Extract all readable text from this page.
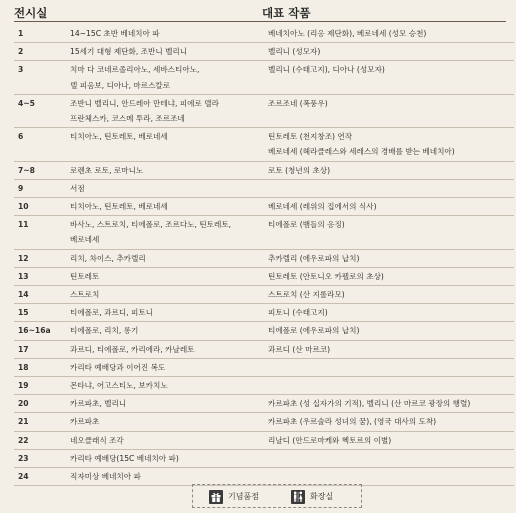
전시실	대표 작품
1	14~15C 초반 베네치아 파	베네치아노 (리옹 제단화), 베로네세 (성모 승천)

2	15세기 대형 제단화, 조반니 벨리니	벨리니 (성모자)

3	치마 다 코네르졸리아노, 세바스티아노,
델 피옴보, 디아나, 마르스칼로	벨리니 (수태고지), 디아나 (성모자)

4~5	조반니 벨리니, 안드레아 만테냐, 피에로 델라
프란체스카, 코스메 투라, 조르조네	조르조네 (폭풍우)

6	티치아노, 틴토레토, 베로네세	틴토레토 (천지창조) 연작
베로네세 (헤라클레스와 세레스의 경배를 받는 베네치아)

7~8	로렌초 로토, 로마니노	로토 (청년의 초상)

9	서점	

10	티치아노, 틴토레토, 베로네세	베로네세 (레위의 집에서의 식사)

11	바사노, 스트로치, 티에폴로, 조르다노, 틴토레토,
베로네세	티에폴로 (뱀들의 응징)

12	리치, 차이스, 추카렐리	추카렐리 (에우로파의 납치)

13	틴토레토	틴토레토 (안토니오 카펠로의 초상)

14	스트로치	스트로치 (산 지롤라모)

15	티에폴로, 과르디, 피토니	피토니 (수태고지)

16~16a	티에폴로, 리치, 롱기	티에폴로 (에우로파의 납치)

17	과르디, 티에폴로, 카리에라, 카날레토	과르디 (산 마르코)

18	카리타 예배당과 이어진 복도	

19	몬타냐, 어고스티노, 보카치노	

20	카르파초, 벨리니	카르파초 (성 십자가의 기적), 벨리니 (산 마르코 광장의 행렬)

21	카르파초	카르파초 (우르술라 성녀의 꿈), (영국 대사의 도착)

22	네오클래식 조각	리날디 (안드로마케와 헥토르의 이별)

23	카리타 예배당(15C 베네치아 파)	

24	직자미상 베네치아 파	

기념품점	화장실
